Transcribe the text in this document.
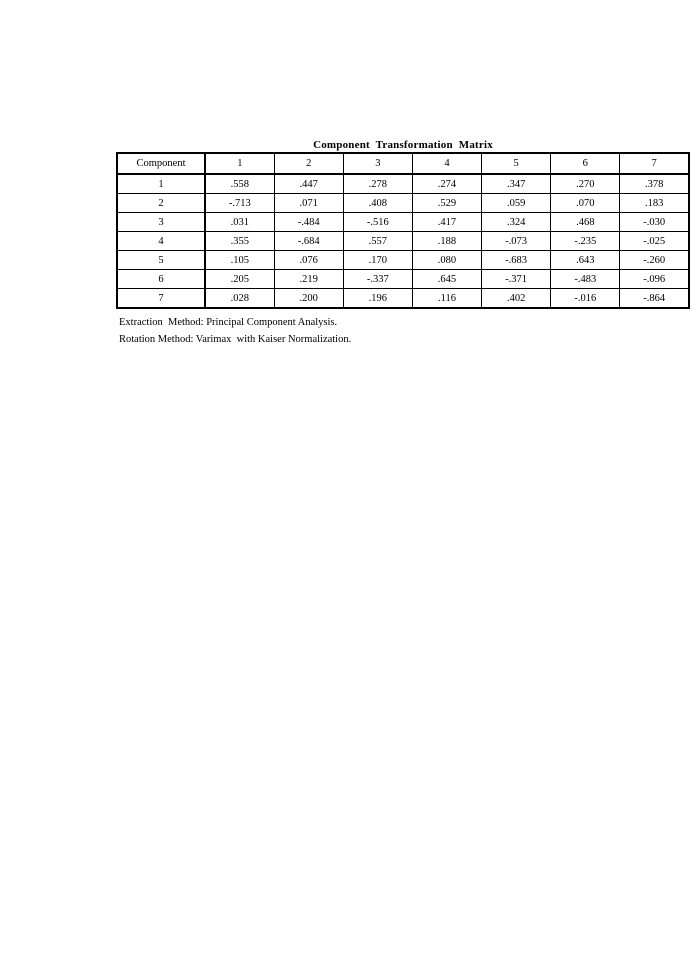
Component Transformation Matrix
Component	1	2	3	4	5	6	7
1	.558	.447	.278	.274	.347	.270	.378
2	-.713	.071	.408	.529	.059	.070	.183
3	.031	-.484	-.516	.417	.324	.468	-.030
4	.355	-.684	.557	.188	-.073	-.235	-.025
5	.105	.076	.170	.080	-.683	.643	-.260
6	.205	.219	-.337	.645	-.371	-.483	-.096
7	.028	.200	.196	.116	.402	-.016	-.864
Extraction  Method: Principal Component Analysis.
Rotation Method: Varimax  with Kaiser Normalization.
